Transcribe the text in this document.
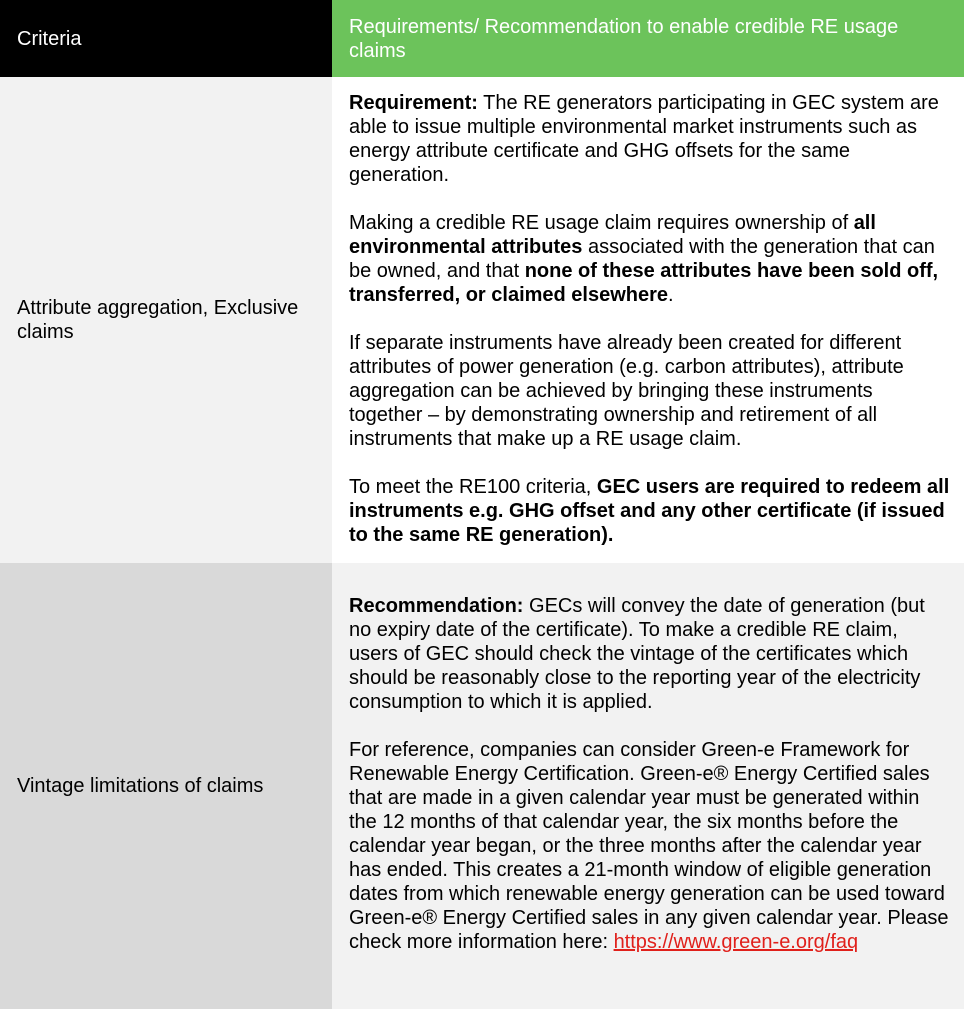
Criteria
Requirements/ Recommendation to enable credible RE usage claims
Attribute aggregation, Exclusive claims

Requirement: The RE generators participating in GEC system are able to issue multiple environmental market instruments such as energy attribute certificate and GHG offsets for the same generation.

Making a credible RE usage claim requires ownership of all environmental attributes associated with the generation that can be owned, and that none of these attributes have been sold off, transferred, or claimed elsewhere.

If separate instruments have already been created for different attributes of power generation (e.g. carbon attributes), attribute aggregation can be achieved by bringing these instruments together – by demonstrating ownership and retirement of all instruments that make up a RE usage claim.

To meet the RE100 criteria, GEC users are required to redeem all instruments e.g. GHG offset and any other certificate (if issued to the same RE generation).

Vintage limitations of claims

Recommendation: GECs will convey the date of generation (but no expiry date of the certificate). To make a credible RE claim, users of GEC should check the vintage of the certificates which should be reasonably close to the reporting year of the electricity consumption to which it is applied.

For reference, companies can consider Green-e Framework for Renewable Energy Certification. Green-e® Energy Certified sales that are made in a given calendar year must be generated within the 12 months of that calendar year, the six months before the calendar year began, or the three months after the calendar year has ended. This creates a 21-month window of eligible generation dates from which renewable energy generation can be used toward Green-e® Energy Certified sales in any given calendar year. Please check more information here: https://www.green-e.org/faq
